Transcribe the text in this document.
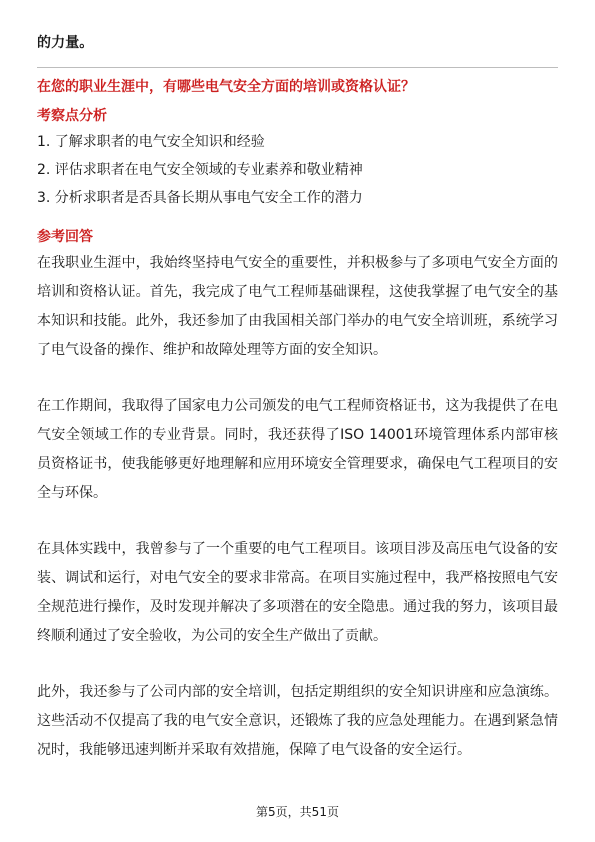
的力量。

在您的职业生涯中，有哪些电气安全方面的培训或资格认证？

考察点分析

1. 了解求职者的电气安全知识和经验
2. 评估求职者在电气安全领域的专业素养和敬业精神
3. 分析求职者是否具备长期从事电气安全工作的潜力

参考回答

在我职业生涯中，我始终坚持电气安全的重要性，并积极参与了多项电气安全方面的培训和资格认证。首先，我完成了电气工程师基础课程，这使我掌握了电气安全的基本知识和技能。此外，我还参加了由我国相关部门举办的电气安全培训班，系统学习了电气设备的操作、维护和故障处理等方面的安全知识。

在工作期间，我取得了国家电力公司颁发的电气工程师资格证书，这为我提供了在电气安全领域工作的专业背景。同时，我还获得了ISO 14001环境管理体系内部审核员资格证书，使我能够更好地理解和应用环境安全管理要求，确保电气工程项目的安全与环保。

在具体实践中，我曾参与了一个重要的电气工程项目。该项目涉及高压电气设备的安装、调试和运行，对电气安全的要求非常高。在项目实施过程中，我严格按照电气安全规范进行操作，及时发现并解决了多项潜在的安全隐患。通过我的努力，该项目最终顺利通过了安全验收，为公司的安全生产做出了贡献。

此外，我还参与了公司内部的安全培训，包括定期组织的安全知识讲座和应急演练。这些活动不仅提高了我的电气安全意识，还锻炼了我的应急处理能力。在遇到紧急情况时，我能够迅速判断并采取有效措施，保障了电气设备的安全运行。

第5页，共51页
